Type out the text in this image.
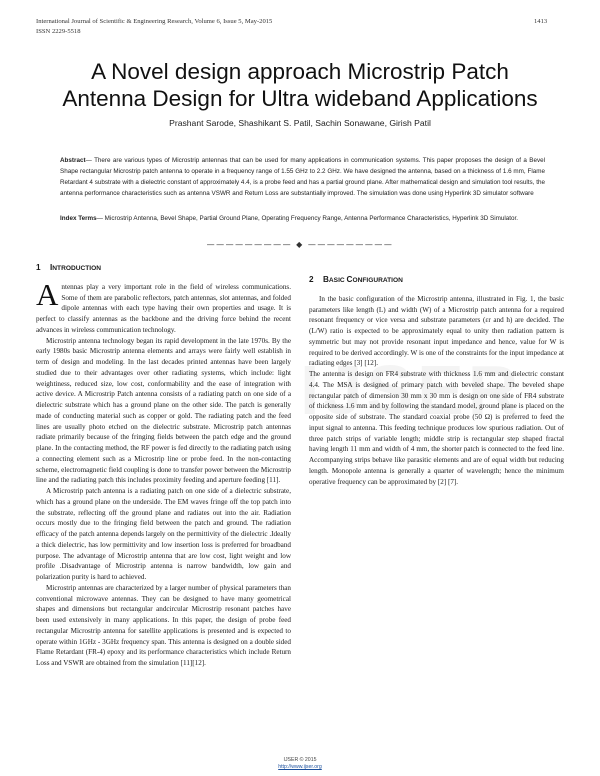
International Journal of Scientific & Engineering Research, Volume 6, Issue 5, May-2015
ISSN 2229-5518
1413
A Novel design approach Microstrip Patch
Antenna Design for Ultra wideband Applications
Prashant Sarode, Shashikant S. Patil, Sachin Sonawane, Girish Patil
Abstract— There are various types of Microstrip antennas that can be used for many applications in communication systems. This paper proposes the design of a Bevel Shape rectangular Microstrip patch antenna to operate in a frequency range of 1.55 GHz to 2.2 GHz. We have designed the antenna, based on a thickness of 1.6 mm, Flame Retardant 4 substrate with a dielectric constant of approximately 4.4, is a probe feed and has a partial ground plane. After mathematical design and simulation tool results, the antenna performance characteristics such as antenna VSWR and Return Loss are substantially improved. The simulation was done using Hyperlink 3D simulator software
Index Terms— Microstrip Antenna, Bevel Shape, Partial Ground Plane, Operating Frequency Range, Antenna Performance Characteristics, Hyperlink 3D Simulator.
————————— ◆ —————————
1 INTRODUCTION

Antennas play a very important role in the field of wireless communications. Some of them are parabolic reflectors, patch antennas, slot antennas, and folded dipole antennas with each type having their own properties and usage. It is perfect to classify antennas as the backbone and the driving force behind the recent advances in wireless communication technology.

Microstrip antenna technology began its rapid development in the late 1970s. By the early 1980s basic Microstrip antenna elements and arrays were fairly well establish in term of design and modeling. In the last decades printed antennas have been largely studied due to their advantages over other radiating systems, which include: light weightiness, reduced size, low cost, conformability and the ease of integration with active device. A Microstrip Patch antenna consists of a radiating patch on one side of a dielectric substrate which has a ground plane on the other side. The patch is generally made of conducting material such as copper or gold. The radiating patch and the feed lines are usually photo etched on the dielectric substrate. Microstrip patch antennas radiate primarily because of the fringing fields between the patch edge and the ground plane. In the contacting method, the RF power is fed directly to the radiating patch using a connecting element such as a Microstrip line or probe feed. In the non-contacting scheme, electromagnetic field coupling is done to transfer power between the Microstrip line and the radiating patch this includes proximity feeding and aperture feeding [11].

A Microstrip patch antenna is a radiating patch on one side of a dielectric substrate, which has a ground plane on the underside. The EM waves fringe off the top patch into the substrate, reflecting off the ground plane and radiates out into the air. Radiation occurs mostly due to the fringing field between the patch and ground. The radiation efficacy of the patch antenna depends largely on the permittivity of the dielectric .Ideally a thick dielectric, has low permittivity and low insertion loss is preferred for broadband purpose. The advantage of Microstrip antenna that are low cost, light weight and low profile .Disadvantage of Microstrip antenna is narrow bandwidth, low gain and polarization purity is hard to achieved.

Microstrip antennas are characterized by a larger number of physical parameters than conventional microwave antennas. They can be designed to have many geometrical shapes and dimensions but rectangular andcircular Microstrip resonant patches have been used extensively in many applications. In this paper, the design of probe feed rectangular Microstrip antenna for satellite applications is presented and is expected to operate within 1GHz - 3GHz frequency span. This antenna is designed on a double sided Flame Retardant (FR-4) epoxy and its performance characteristics which include Return Loss and VSWR are obtained from the simulation [11][12].

2 BASIC CONFIGURATION

In the basic configuration of the Microstrip antenna, illustrated in Fig. 1, the basic parameters like length (L) and width (W) of a Microstrip patch antenna for a required resonant frequency or vice versa and substrate parameters (εr and h) are decided. The (L/W) ratio is expected to be approximately equal to unity then radiation pattern is symmetric but may not provide resonant input impedance and hence, value for W is required to be derived accordingly. W is one of the constraints for the input impedance at radiating edges [3] [12].

The antenna is design on FR4 substrate with thickness 1.6 mm and dielectric constant 4.4. The MSA is designed of primary patch with beveled shape. The beveled shape rectangular patch of dimension 30 mm x 30 mm is design on one side of FR4 substrate of thickness 1.6 mm and by following the standard model, ground plane is placed on the opposite side of substrate. The standard coaxial probe (50 Ω) is preferred to feed the input signal to antenna. This feeding technique produces low spurious radiation. Out of three patch strips of variable length; middle strip is rectangular step shaped fractal having length 11 mm and width of 4 mm, the shorter patch is connected to the feed line. Accompanying strips behave like parasitic elements and are of equal width but reducing length. Monopole antenna is generally a quarter of wavelength; hence the minimum operative frequency can be approximated by [2] [7].

IJSER © 2015
http://www.ijser.org
